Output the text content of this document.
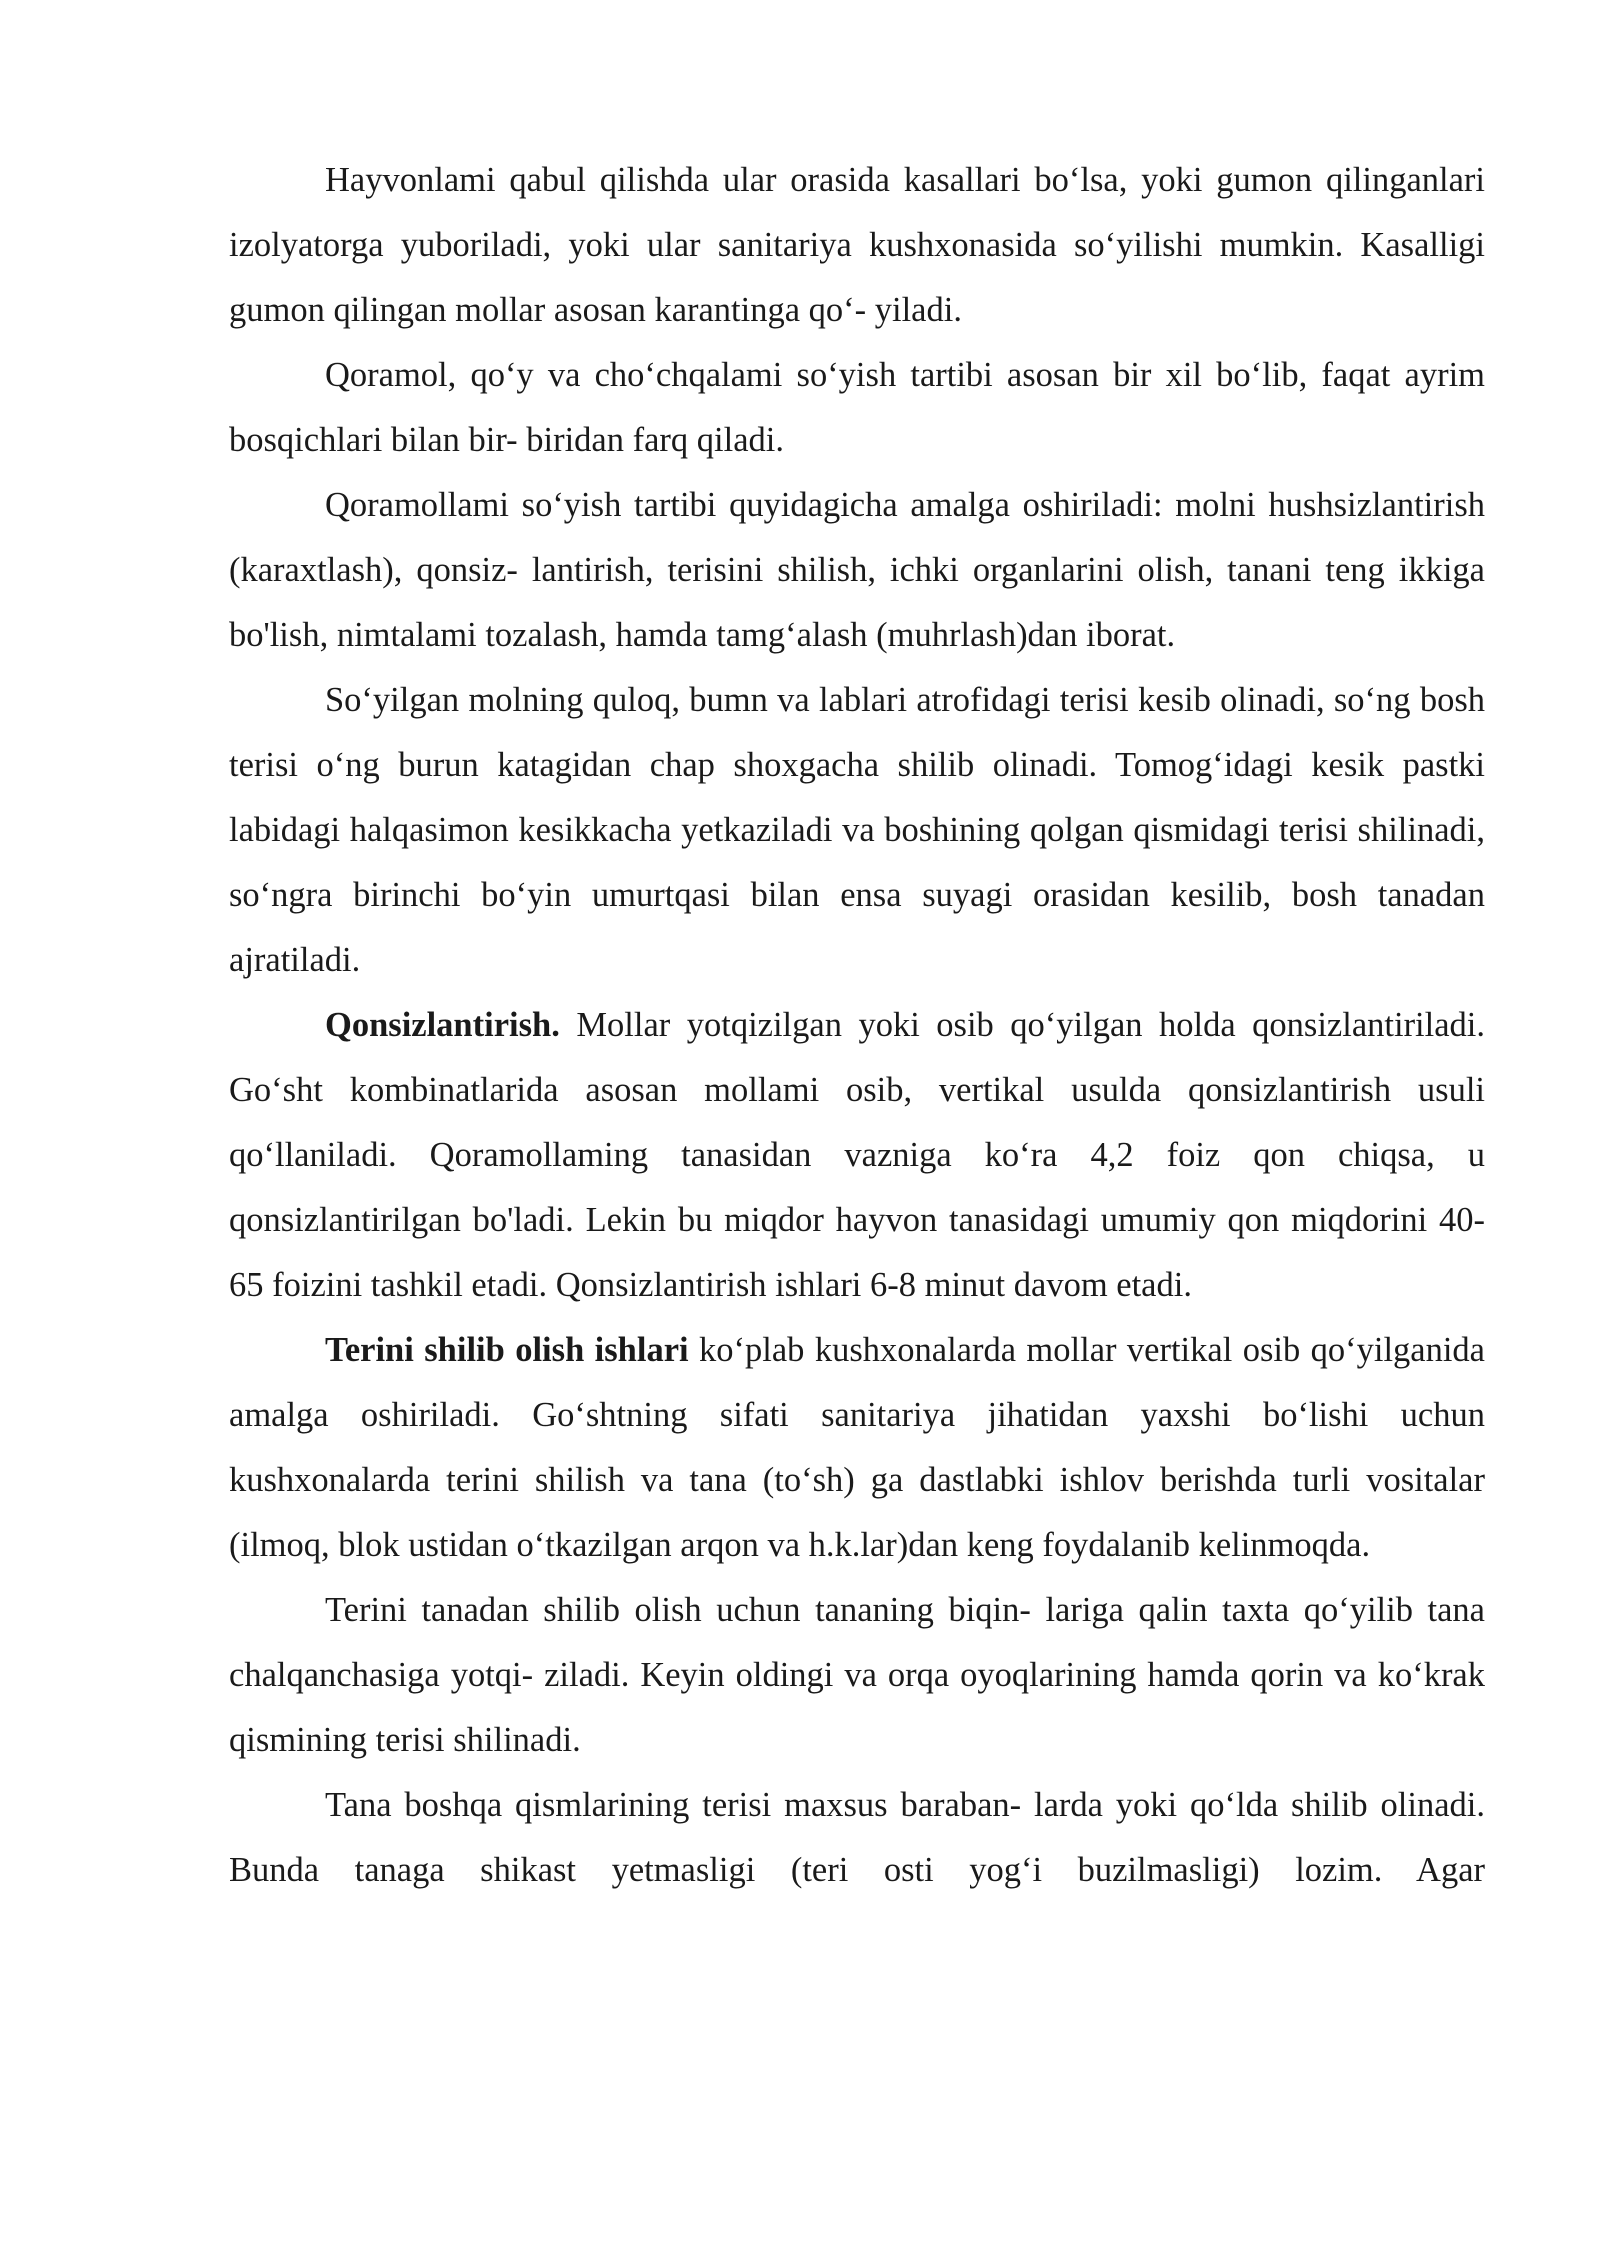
Hayvonlami qabul qilishda ular orasida kasallari bo‘lsa, yoki gumon qilinganlari izolyatorga yuboriladi, yoki ular sanitariya kushxonasida so‘yilishi mumkin. Kasalligi gumon qilingan mollar asosan karantinga qo‘- yiladi.

Qoramol, qo‘y va cho‘chqalami so‘yish tartibi asosan bir xil bo‘lib, faqat ayrim bosqichlari bilan bir- biridan farq qiladi.

Qoramollami so‘yish tartibi quyidagicha amalga oshiriladi: molni hushsizlantirish (karaxtlash), qonsiz- lantirish, terisini shilish, ichki organlarini olish, tanani teng ikkiga bo'lish, nimtalami tozalash, hamda tamg‘alash (muhrlash)dan iborat.

So‘yilgan molning quloq, bumn va lablari atrofidagi terisi kesib olinadi, so‘ng bosh terisi o‘ng burun katagidan chap shoxgacha shilib olinadi. Tomog‘idagi kesik pastki labidagi halqasimon kesikkacha yetkaziladi va boshining qolgan qismidagi terisi shilinadi, so‘ngra birinchi bo‘yin umurtqasi bilan ensa suyagi orasidan kesilib, bosh tanadan ajratiladi.

Qonsizlantirish. Mollar yotqizilgan yoki osib qo‘yilgan holda qonsizlantiriladi. Go‘sht kombinatlarida asosan mollami osib, vertikal usulda qonsizlantirish usuli qo‘llaniladi. Qoramollaming tanasidan vazniga ko‘ra 4,2 foiz qon chiqsa, u qonsizlantirilgan bo'ladi. Lekin bu miqdor hayvon tanasidagi umumiy qon miqdorini 40-65 foizini tashkil etadi. Qonsizlantirish ishlari 6-8 minut davom etadi.

Terini shilib olish ishlari ko‘plab kushxonalarda mollar vertikal osib qo‘yilganida amalga oshiriladi. Go‘shtning sifati sanitariya jihatidan yaxshi bo‘lishi uchun kushxonalarda terini shilish va tana (to‘sh) ga dastlabki ishlov berishda turli vositalar (ilmoq, blok ustidan o‘tkazilgan arqon va h.k.lar)dan keng foydalanib kelinmoqda.

Terini tanadan shilib olish uchun tananing biqin- lariga qalin taxta qo‘yilib tana chalqanchasiga yotqi- ziladi. Keyin oldingi va orqa oyoqlarining hamda qorin va ko‘krak qismining terisi shilinadi.

Tana boshqa qismlarining terisi maxsus baraban- larda yoki qo‘lda shilib olinadi. Bunda tanaga shikast yetmasligi (teri osti yog‘i buzilmasligi) lozim. Agar
